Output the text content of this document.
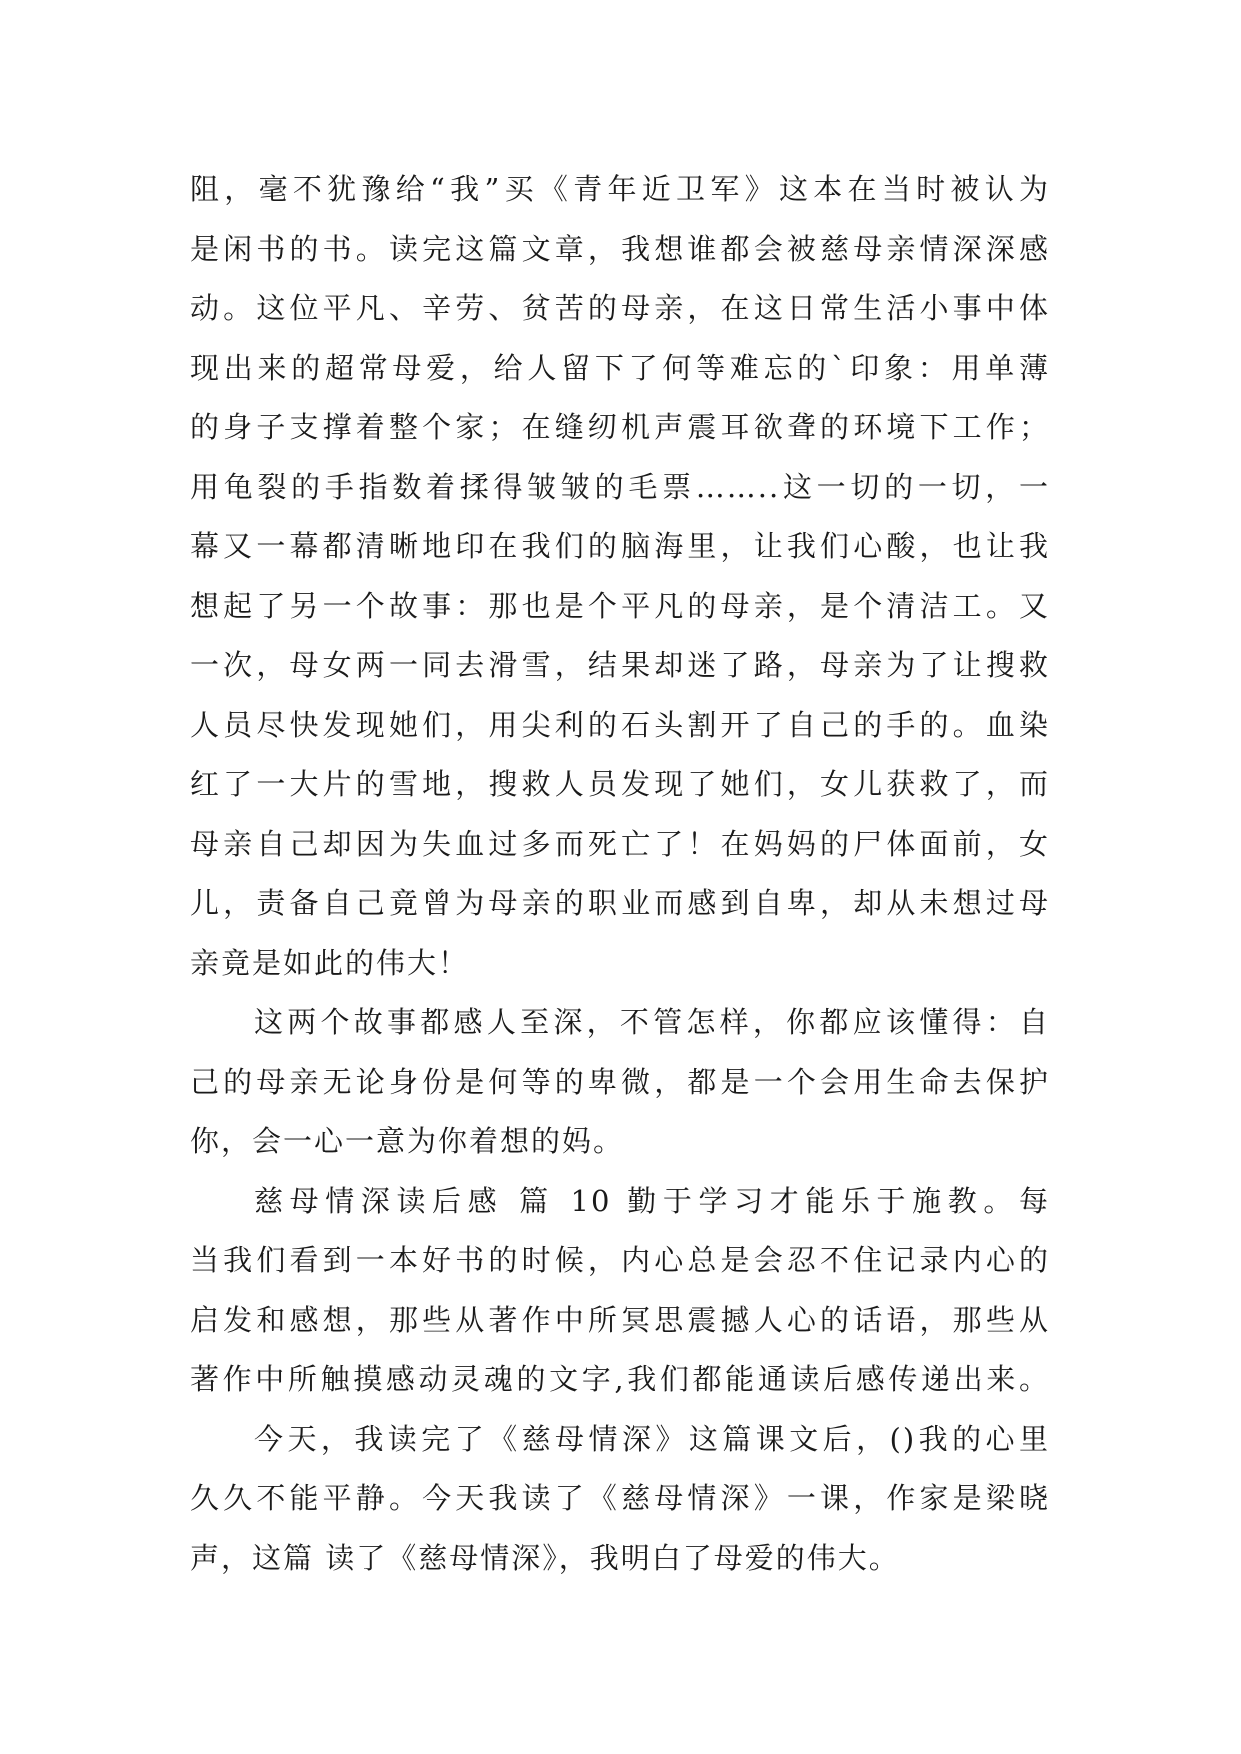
阻，毫不犹豫给“我”买《青年近卫军》这本在当时被认为
是闲书的书。读完这篇文章，我想谁都会被慈母亲情深深感
动。这位平凡、辛劳、贫苦的母亲，在这日常生活小事中体
现出来的超常母爱，给人留下了何等难忘的`印象：用单薄
的身子支撑着整个家；在缝纫机声震耳欲聋的环境下工作；
用龟裂的手指数着揉得皱皱的毛票……..这一切的一切，一
幕又一幕都清晰地印在我们的脑海里，让我们心酸，也让我
想起了另一个故事：那也是个平凡的母亲，是个清洁工。又
一次，母女两一同去滑雪，结果却迷了路，母亲为了让搜救
人员尽快发现她们，用尖利的石头割开了自己的手的。血染
红了一大片的雪地，搜救人员发现了她们，女儿获救了，而
母亲自己却因为失血过多而死亡了！在妈妈的尸体面前，女
儿，责备自己竟曾为母亲的职业而感到自卑，却从未想过母
亲竟是如此的伟大！
这两个故事都感人至深，不管怎样，你都应该懂得：自
己的母亲无论身份是何等的卑微，都是一个会用生命去保护
你，会一心一意为你着想的妈。
慈母情深读后感 篇 10 勤于学习才能乐于施教。每
当我们看到一本好书的时候，内心总是会忍不住记录内心的
启发和感想，那些从著作中所冥思震撼人心的话语，那些从
著作中所触摸感动灵魂的文字,我们都能通读后感传递出来。
今天，我读完了《慈母情深》这篇课文后，()我的心里
久久不能平静。今天我读了《慈母情深》一课，作家是梁晓
声，这篇 读了《慈母情深》，我明白了母爱的伟大。
